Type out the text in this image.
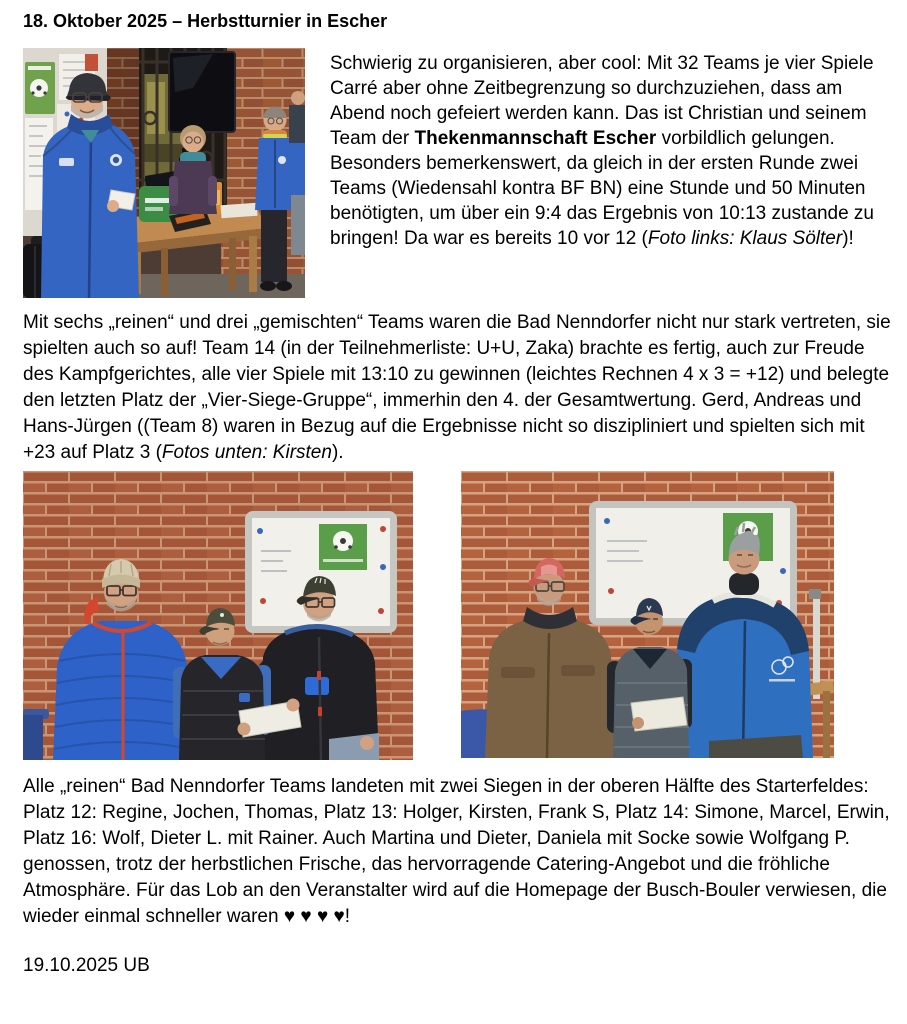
18. Oktober 2025 – Herbstturnier in Escher
Schwierig zu organisieren, aber cool: Mit 32 Teams je vier Spiele Carré aber ohne Zeitbegrenzung so durchzuziehen, dass am Abend noch gefeiert werden kann. Das ist Christian und seinem Team der Thekenmannschaft Escher vorbildlich gelungen. Besonders bemerkenswert, da gleich in der ersten Runde zwei Teams (Wiedensahl kontra BF BN) eine Stunde und 50 Minuten benötigten, um über ein 9:4 das Ergebnis von 10:13 zustande zu bringen! Da war es bereits 10 vor 12 (Foto links: Klaus Sölter)!

Mit sechs „reinen“ und drei „gemischten“ Teams waren die Bad Nenndorfer nicht nur stark vertreten, sie spielten auch so auf! Team 14 (in der Teilnehmerliste: U+U, Zaka) brachte es fertig, auch zur Freude des Kampfgerichtes, alle vier Spiele mit 13:10 zu gewinnen (leichtes Rechnen 4 x 3 = +12) und belegte den letzten Platz der „Vier-Siege-Gruppe“, immerhin den 4. der Gesamtwertung. Gerd, Andreas und Hans-Jürgen ((Team 8) waren in Bezug auf die Ergebnisse nicht so diszipliniert und spielten sich mit +23 auf Platz 3 (Fotos unten: Kirsten).

Alle „reinen“ Bad Nenndorfer Teams landeten mit zwei Siegen in der oberen Hälfte des Starterfeldes: Platz 12: Regine, Jochen, Thomas, Platz 13: Holger, Kirsten, Frank S, Platz 14: Simone, Marcel, Erwin, Platz 16: Wolf, Dieter L. mit Rainer. Auch Martina und Dieter, Daniela mit Socke sowie Wolfgang P. genossen, trotz der herbstlichen Frische, das hervorragende Catering-Angebot und die fröhliche Atmosphäre. Für das Lob an den Veranstalter wird auf die Homepage der Busch-Bouler verwiesen, die wieder einmal schneller waren ♥ ♥ ♥ ♥!

19.10.2025 UB
